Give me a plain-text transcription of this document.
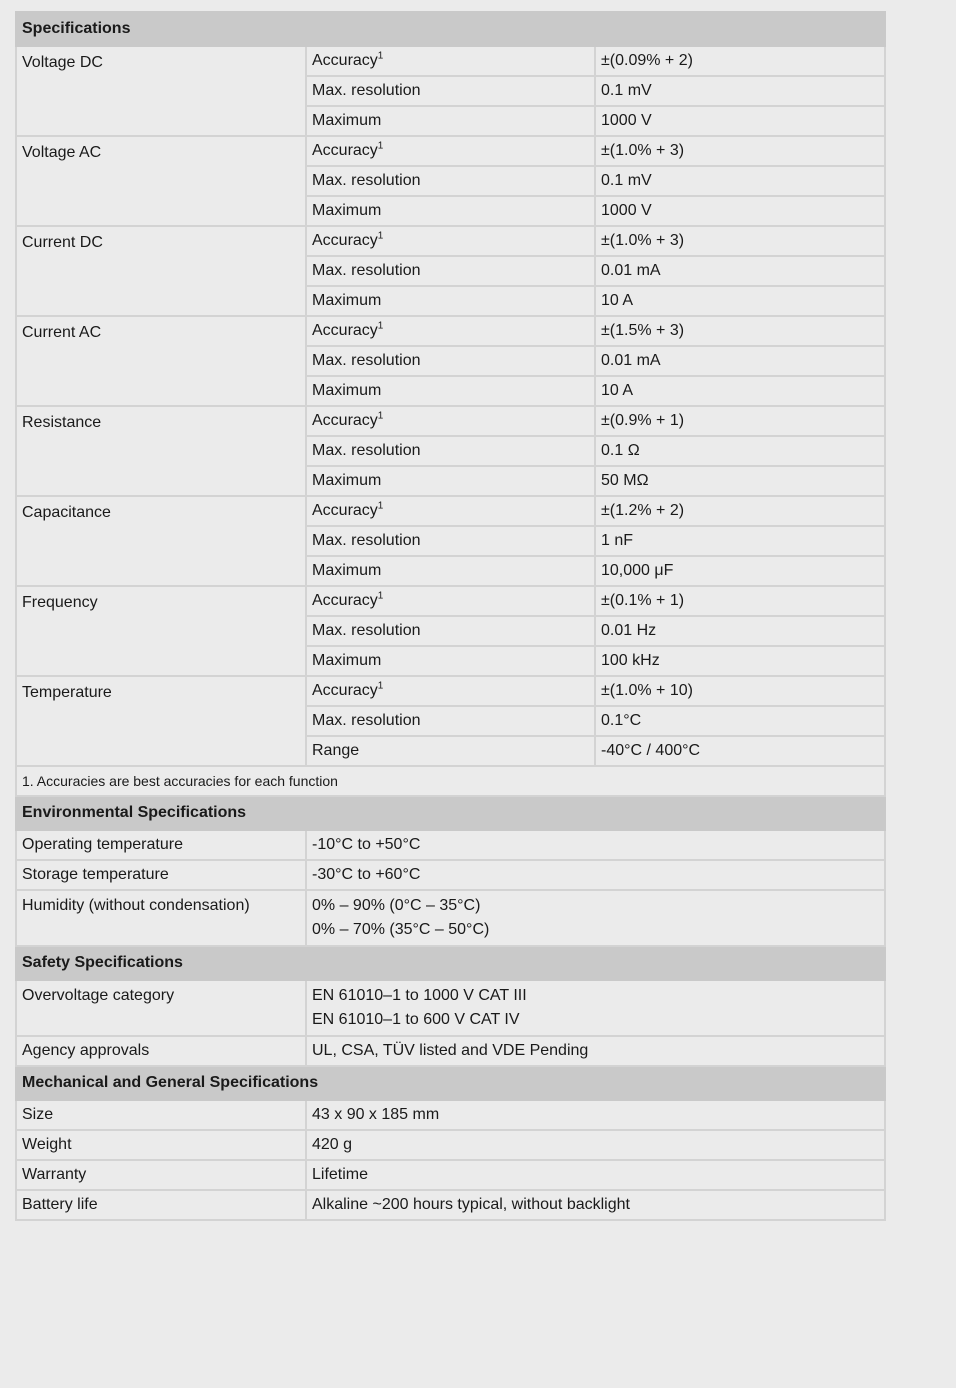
Specifications		
Voltage DC	Accuracy$^1$	±(0.09% + 2)
	Max. resolution	0.1 mV
	Maximum	1000 V
Voltage AC	Accuracy$^1$	±(1.0% + 3)
	Max. resolution	0.1 mV
	Maximum	1000 V
Current DC	Accuracy$^1$	±(1.0% + 3)
	Max. resolution	0.01 mA
	Maximum	10 A
Current AC	Accuracy$^1$	±(1.5% + 3)
	Max. resolution	0.01 mA
	Maximum	10 A
Resistance	Accuracy$^1$	±(0.9% + 1)
	Max. resolution	0.1 Ω
	Maximum	50 MΩ
Capacitance	Accuracy$^1$	±(1.2% + 2)
	Max. resolution	1 nF
	Maximum	10,000 μF
Frequency	Accuracy$^1$	±(0.1% + 1)
	Max. resolution	0.01 Hz
	Maximum	100 kHz
Temperature	Accuracy$^1$	±(1.0% + 10)
	Max. resolution	0.1°C
	Range	-40°C / 400°C
1. Accuracies are best accuracies for each function		
Environmental Specifications		
Operating temperature	-10°C to +50°C	

Storage temperature	-30°C to +60°C	

Humidity (without condensation)	0% – 90% (0°C – 35°C)
0% – 70% (35°C – 50°C)	

Safety Specifications		
Overvoltage category	EN 61010–1 to 1000 V CAT III
EN 61010–1 to 600 V CAT IV	

Agency approvals	UL, CSA, TÜV listed and VDE Pending	

Mechanical and General Specifications		
Size	43 x 90 x 185 mm	

Weight	420 g	

Warranty	Lifetime	

Battery life	Alkaline ~200 hours typical, without backlight	
